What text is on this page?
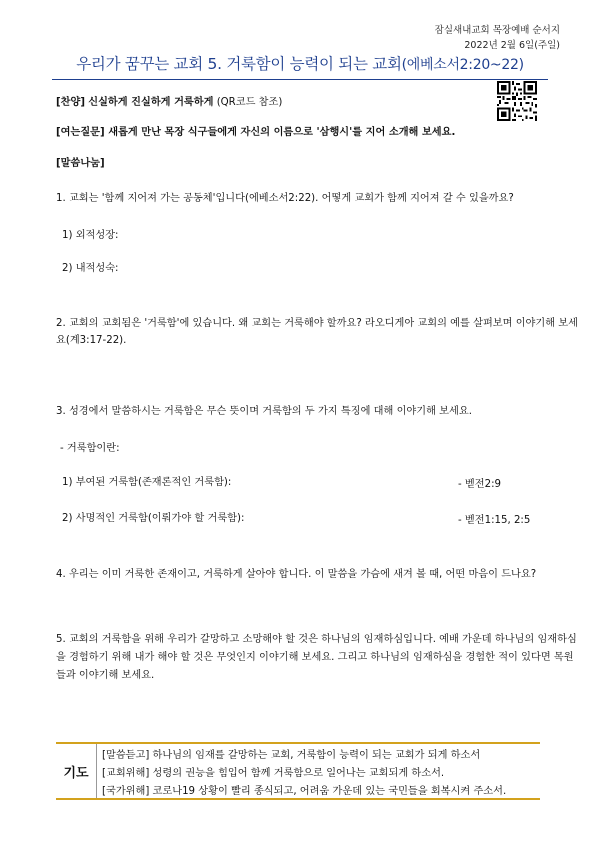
잠실새내교회 목장예배 순서지
2022년 2월 6일(주일)
우리가 꿈꾸는 교회 5. 거룩함이 능력이 되는 교회(에베소서2:20~22)
[찬양] 신실하게 진실하게 거룩하게 (QR코드 참조)
[여는질문] 새롭게 만난 목장 식구들에게 자신의 이름으로 '삼행시'를 지어 소개해 보세요.
[말씀나눔]
1. 교회는 '함께 지어져 가는 공동체'입니다(에베소서2:22). 어떻게 교회가 함께 지어져 갈 수 있을까요?
1) 외적성장:
2) 내적성숙:
2. 교회의 교회됨은 '거룩함'에 있습니다. 왜 교회는 거룩해야 할까요? 라오디게아 교회의 예를 살펴보며 이야기해 보세
요(계3:17-22).
3. 성경에서 말씀하시는 거룩함은 무슨 뜻이며 거룩함의 두 가지 특징에 대해 이야기해 보세요.
- 거룩함이란:
1) 부여된 거룩함(존재론적인 거룩함):	- 벧전2:9
2) 사명적인 거룩함(이뤄가야 할 거룩함):	- 벧전1:15, 2:5
4. 우리는 이미 거룩한 존재이고, 거룩하게 살아야 합니다. 이 말씀을 가슴에 새겨 볼 때, 어떤 마음이 드나요?
5. 교회의 거룩함을 위해 우리가 갈망하고 소망해야 할 것은 하나님의 임재하심입니다. 예배 가운데 하나님의 임재하심
을 경험하기 위해 내가 해야 할 것은 무엇인지 이야기해 보세요. 그리고 하나님의 임재하심을 경험한 적이 있다면 목원
들과 이야기해 보세요.
기도
[말씀듣고] 하나님의 임재를 갈망하는 교회, 거룩함이 능력이 되는 교회가 되게 하소서
[교회위해] 성령의 권능을 힘입어 함께 거룩함으로 일어나는 교회되게 하소서.
[국가위해] 코로나19 상황이 빨리 종식되고, 어려움 가운데 있는 국민들을 회복시켜 주소서.
